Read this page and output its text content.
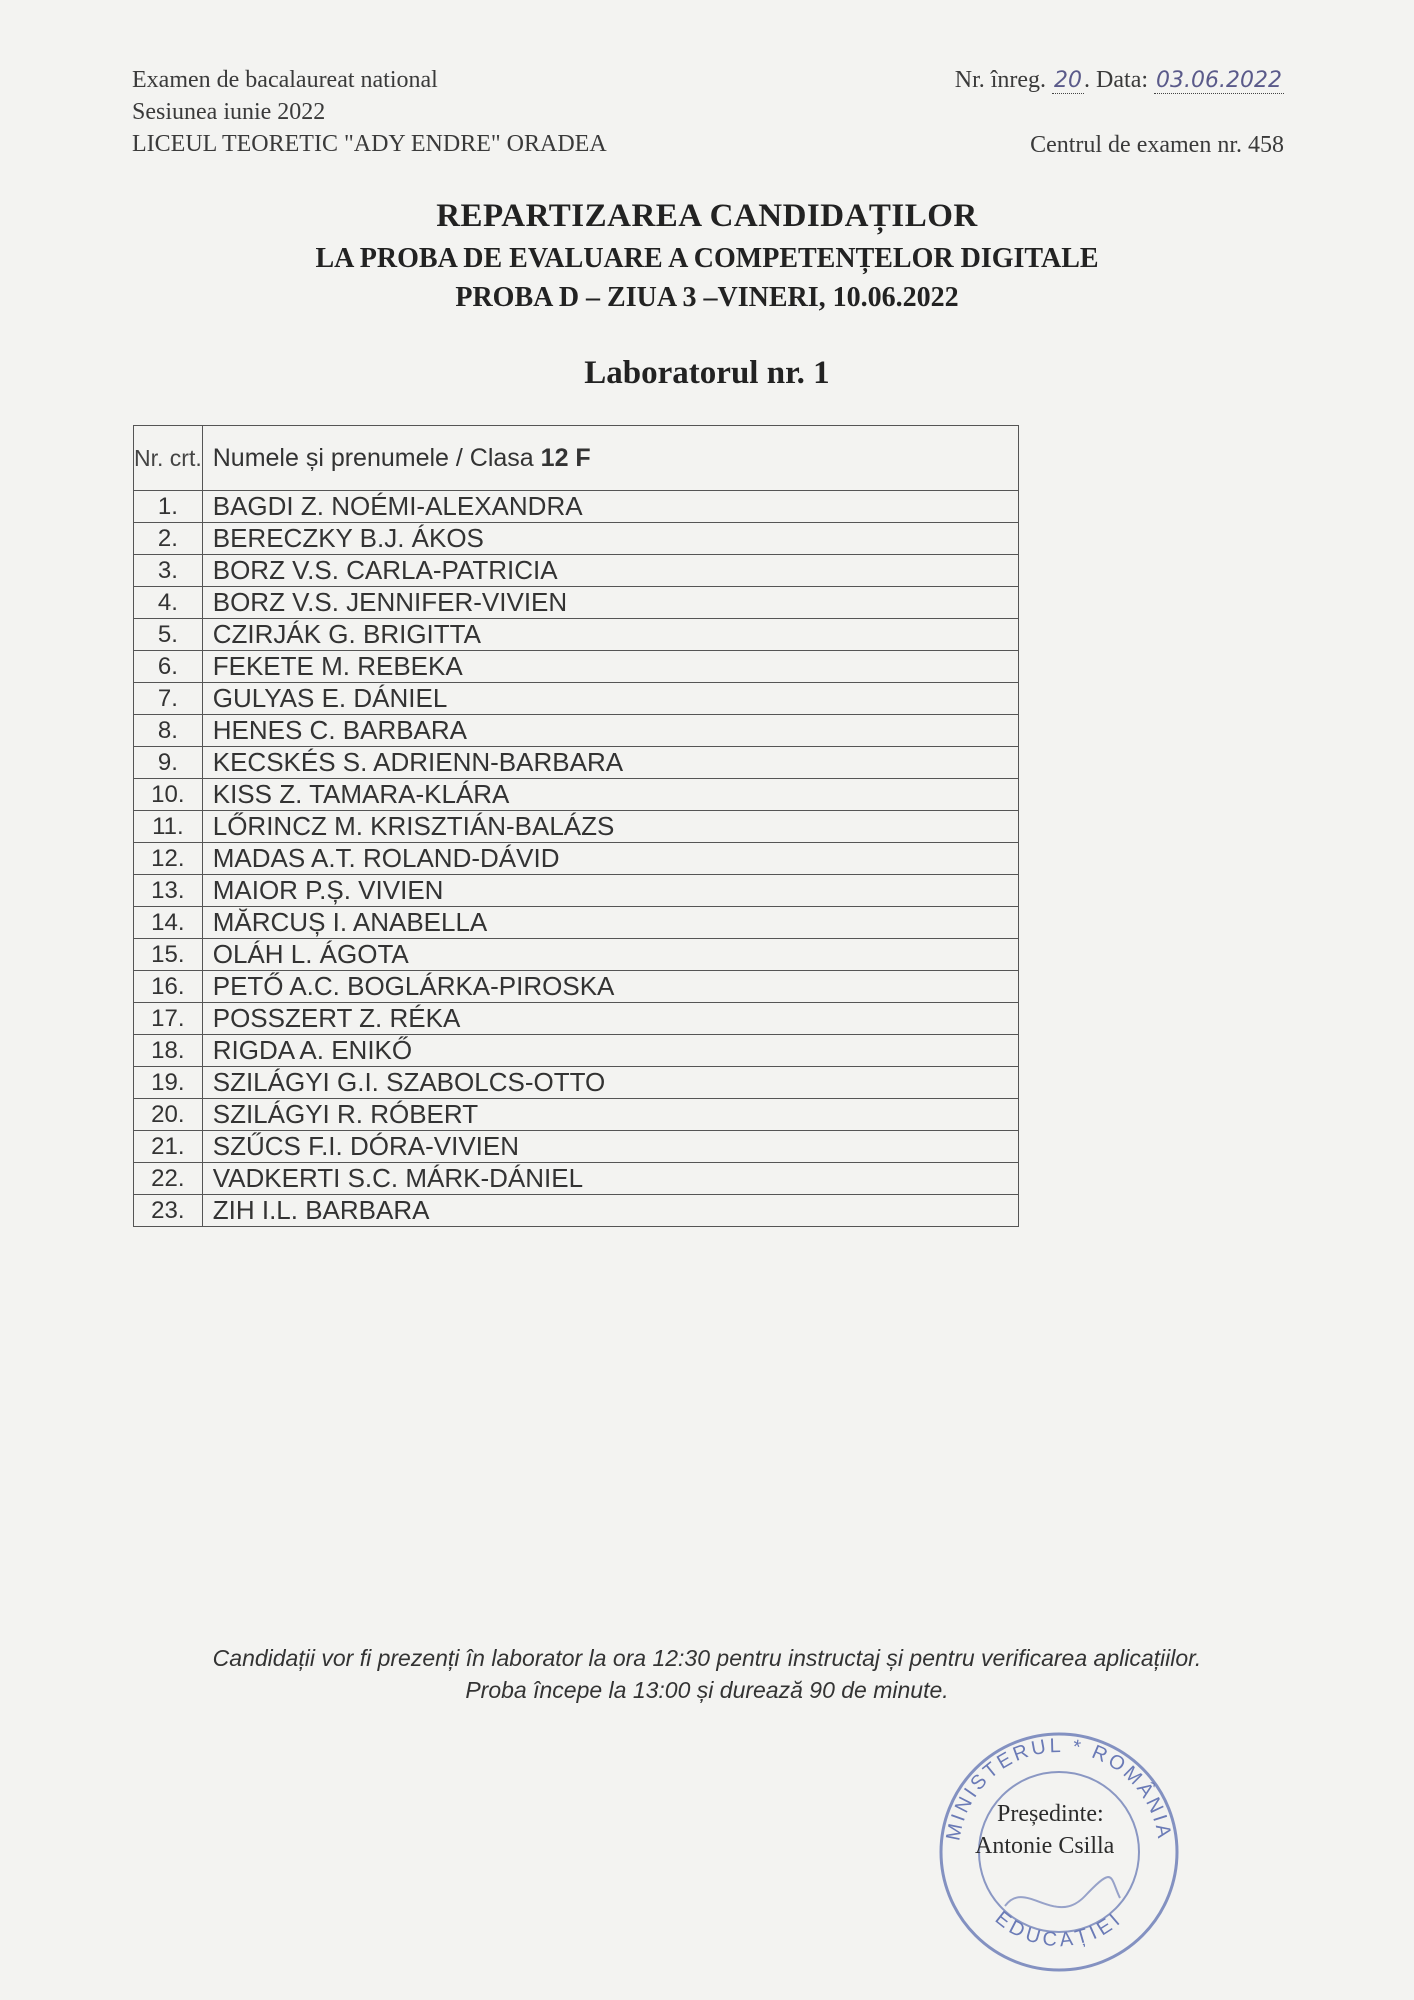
Examen de bacalaureat national
Sesiunea iunie 2022
LICEUL TEORETIC "ADY ENDRE" ORADEA
Nr. înreg. 20. Data: 03.06.2022
Centrul de examen nr. 458
REPARTIZAREA CANDIDAȚILOR
LA PROBA DE EVALUARE A COMPETENȚELOR DIGITALE
PROBA D – ZIUA 3 –VINERI, 10.06.2022
Laboratorul nr. 1
Nr. crt.	Numele și prenumele / Clasa 12 F
1.	BAGDI Z. NOÉMI-ALEXANDRA
2.	BERECZKY B.J. ÁKOS
3.	BORZ V.S. CARLA-PATRICIA
4.	BORZ V.S. JENNIFER-VIVIEN
5.	CZIRJÁK G. BRIGITTA
6.	FEKETE M. REBEKA
7.	GULYAS E. DÁNIEL
8.	HENES C. BARBARA
9.	KECSKÉS S. ADRIENN-BARBARA
10.	KISS Z. TAMARA-KLÁRA
11.	LŐRINCZ M. KRISZTIÁN-BALÁZS
12.	MADAS A.T. ROLAND-DÁVID
13.	MAIOR P.Ș. VIVIEN
14.	MĂRCUȘ I. ANABELLA
15.	OLÁH L. ÁGOTA
16.	PETŐ A.C. BOGLÁRKA-PIROSKA
17.	POSSZERT Z. RÉKA
18.	RIGDA A. ENIKŐ
19.	SZILÁGYI G.I. SZABOLCS-OTTO
20.	SZILÁGYI R. RÓBERT
21.	SZŰCS F.I. DÓRA-VIVIEN
22.	VADKERTI S.C. MÁRK-DÁNIEL
23.	ZIH I.L. BARBARA
Candidații vor fi prezenți în laborator la ora 12:30 pentru instructaj și pentru verificarea aplicațiilor.
Proba începe la 13:00 și durează 90 de minute.
MINISTERUL * ROMÂNIA
EDUCAȚIEI
Președinte:
Antonie Csilla
